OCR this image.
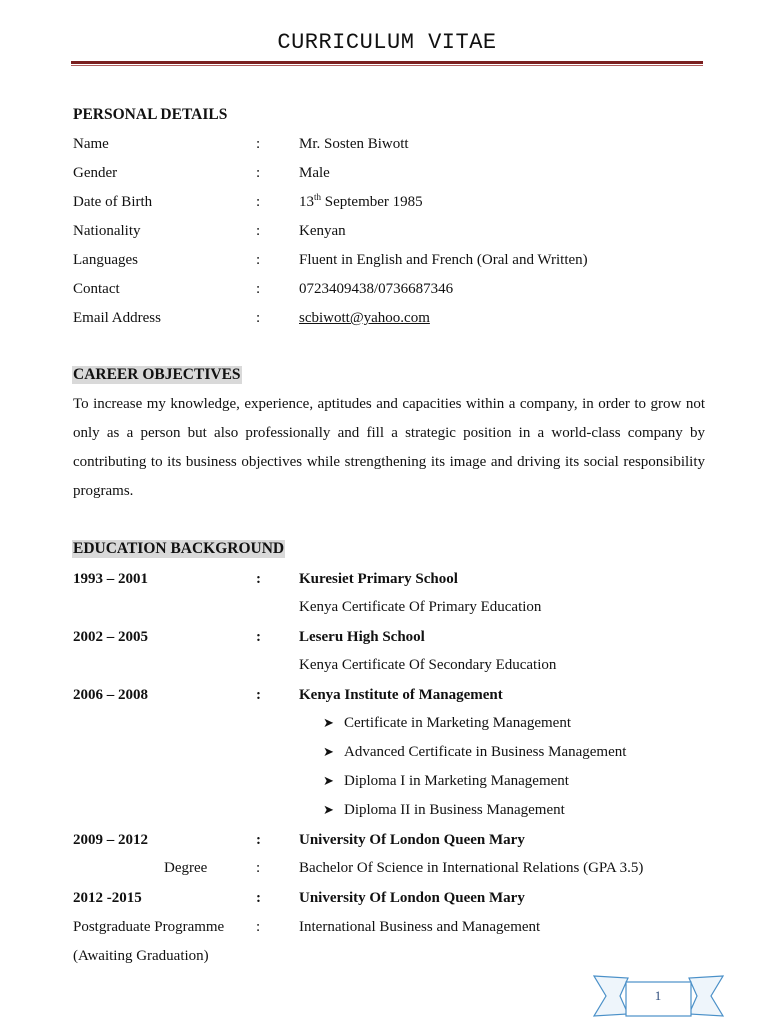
CURRICULUM VITAE
PERSONAL DETAILS
Name	:	Mr. Sosten Biwott
Gender	:	Male
Date of Birth	:	13th September 1985
Nationality	:	Kenyan
Languages	:	Fluent in English and French (Oral and Written)
Contact	:	0723409438/0736687346
Email Address	:	scbiwott@yahoo.com
CAREER OBJECTIVES
To increase my knowledge, experience, aptitudes and capacities within a company, in order to grow not only as a person but also professionally and fill a strategic position in a world-class company by contributing to its business objectives while strengthening its image and driving its social responsibility programs.
EDUCATION BACKGROUND
1993 – 2001	:	Kuresiet Primary School
Kenya Certificate Of Primary Education
2002 – 2005	:	Leseru High School
Kenya Certificate Of Secondary Education
2006 – 2008	:	Kenya Institute of Management
➤ Certificate in Marketing Management
➤ Advanced Certificate in Business Management
➤ Diploma I in Marketing Management
➤ Diploma II in Business Management
2009 – 2012	:	University Of London Queen Mary
Degree	:	Bachelor Of Science in International Relations (GPA 3.5)
2012 -2015	:	University Of London Queen Mary
Postgraduate Programme :	International Business and Management
(Awaiting Graduation)
1
